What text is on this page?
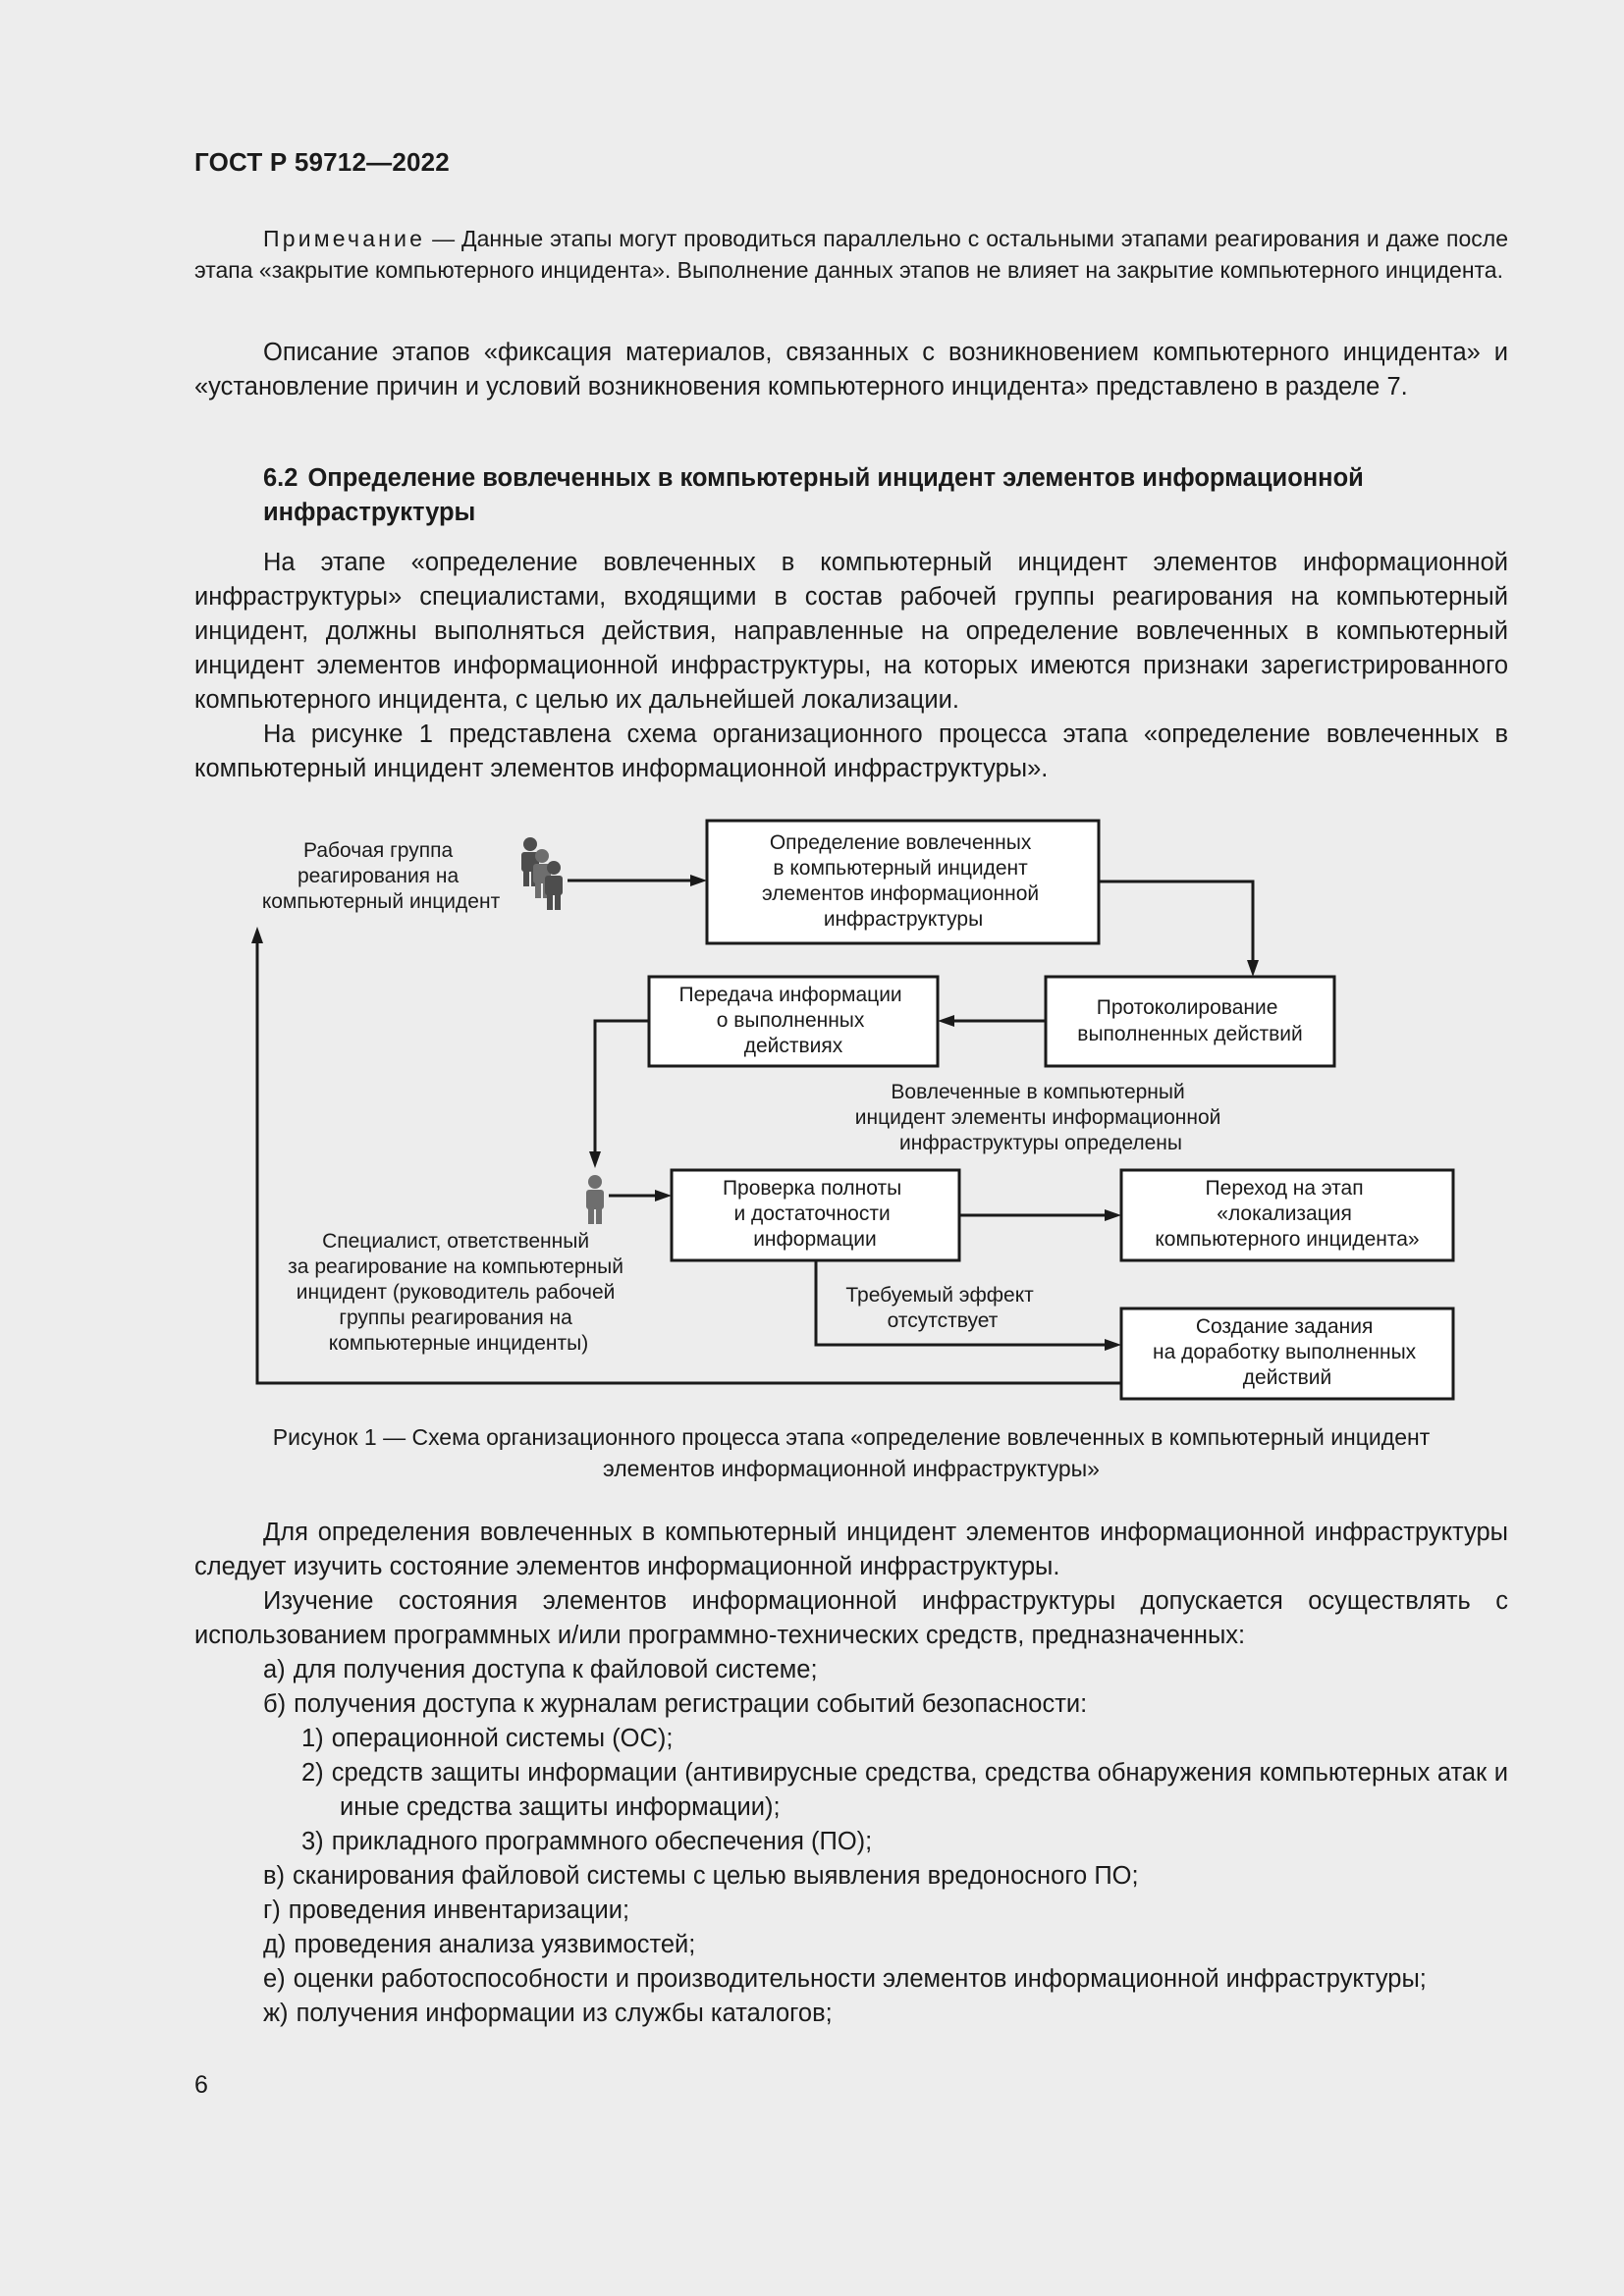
ГОСТ Р 59712—2022

Примечание — Данные этапы могут проводиться параллельно с остальными этапами реагирования и даже после этапа «закрытие компьютерного инцидента». Выполнение данных этапов не влияет на закрытие компьютерного инцидента.

Описание этапов «фиксация материалов, связанных с возникновением компьютерного инцидента» и «установление причин и условий возникновения компьютерного инцидента» представлено в разделе 7.

6.2 Определение вовлеченных в компьютерный инцидент элементов информационной инфраструктуры

На этапе «определение вовлеченных в компьютерный инцидент элементов информационной инфраструктуры» специалистами, входящими в состав рабочей группы реагирования на компьютерный инцидент, должны выполняться действия, направленные на определение вовлеченных в компьютерный инцидент элементов информационной инфраструктуры, на которых имеются признаки зарегистрированного компьютерного инцидента, с целью их дальнейшей локализации.

На рисунке 1 представлена схема организационного процесса этапа «определение вовлеченных в компьютерный инцидент элементов информационной инфраструктуры».

Рабочая группа реагирования на компьютерный инцидент
Определение вовлеченных в компьютерный инцидент элементов информационной инфраструктуры
Протоколирование выполненных действий
Передача информации о выполненных действиях
Вовлеченные в компьютерный инцидент элементы информационной инфраструктуры определены
Проверка полноты и достаточности информации
Переход на этап «локализация компьютерного инцидента»
Специалист, ответственный за реагирование на компьютерный инцидент (руководитель рабочей группы реагирования на компьютерные инциденты)
Требуемый эффект отсутствует	Создание задания на доработку выполненных действий
Рисунок 1 — Схема организационного процесса этапа «определение вовлеченных в компьютерный инцидент
элементов информационной инфраструктуры»

Для определения вовлеченных в компьютерный инцидент элементов информационной инфраструктуры следует изучить состояние элементов информационной инфраструктуры.

Изучение состояния элементов информационной инфраструктуры допускается осуществлять с использованием программных и/или программно-технических средств, предназначенных:

а) для получения доступа к файловой системе;
б) получения доступа к журналам регистрации событий безопасности:
1) операционной системы (ОС);
2) средств защиты информации (антивирусные средства, средства обнаружения компьютерных атак и иные средства защиты информации);
3) прикладного программного обеспечения (ПО);
в) сканирования файловой системы с целью выявления вредоносного ПО;
г) проведения инвентаризации;
д) проведения анализа уязвимостей;
е) оценки работоспособности и производительности элементов информационной инфраструктуры;
ж) получения информации из службы каталогов;
6
